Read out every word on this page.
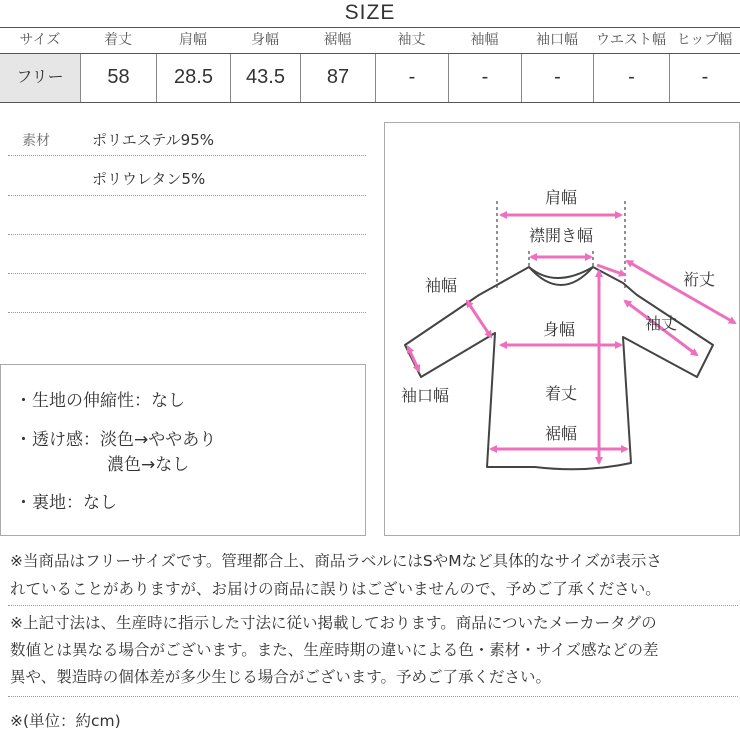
SIZE
サイズ	着丈	肩幅	身幅	裾幅	袖丈	袖幅	袖口幅	ウエスト幅 ヒップ幅
フリー	58	28.5	43.5	87	-	-	-	-	-
素材	ポリエステル95%
ポリウレタン5%
・生地の伸縮性：なし
・透け感：淡色→ややあり
濃色→なし
・裏地：なし
肩幅
襟開き幅
袖幅	裄丈
身幅	袖丈
袖口幅	着丈
裾幅
※当商品はフリーサイズです。管理都合上、商品ラベルにはSやMなど具体的なサイズが表示さ
れていることがありますが、お届けの商品に誤りはございませんので、予めご了承ください。
※上記寸法は、生産時に指示した寸法に従い掲載しております。商品についたメーカータグの
数値とは異なる場合がございます。また、生産時期の違いによる色・素材・サイズ感などの差
異や、製造時の個体差が多少生じる場合がございます。予めご了承ください。
※(単位：約cm)
